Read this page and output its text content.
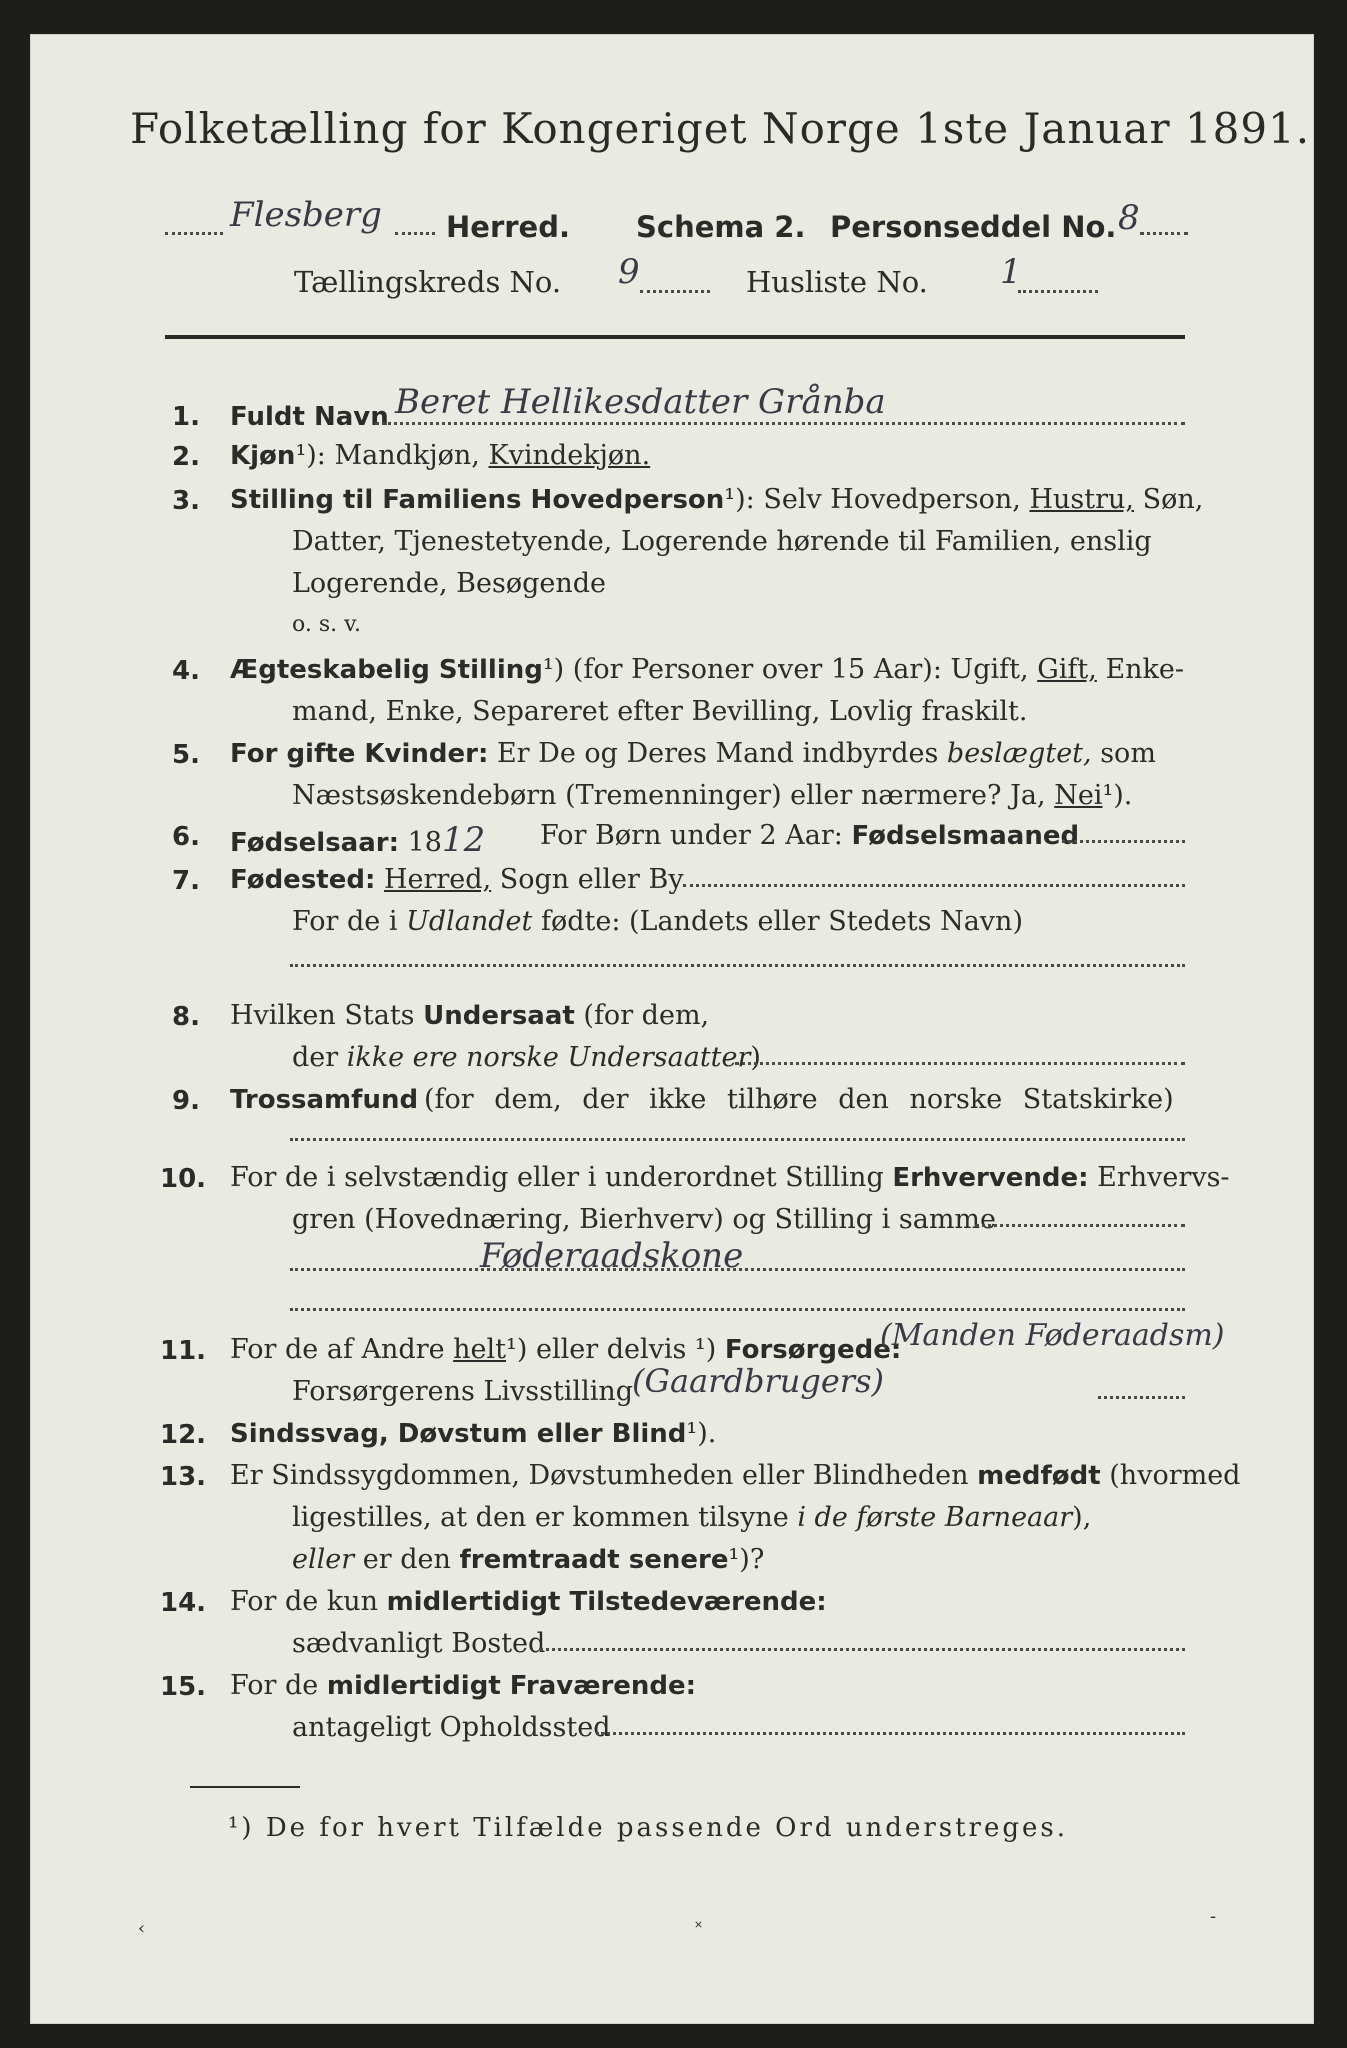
Folketælling for Kongeriget Norge 1ste Januar 1891.
Flesberg Herred. Schema 2. Personseddel No. 8
Tællingskreds No. 9	Husliste No. 1
1. Fuldt Navn Beret Hellikesdatter Grånba
2. Kjøn¹): Mandkjøn, Kvindekjøn.
3. Stilling til Familiens Hovedperson¹): Selv Hovedperson, Hustru, Søn,
Datter, Tjenestetyende, Logerende hørende til Familien, enslig
Logerende, Besøgende
o. s. v.
4. Ægteskabelig Stilling¹) (for Personer over 15 Aar): Ugift, Gift, Enke-
mand, Enke, Separeret efter Bevilling, Lovlig fraskilt.
5. For gifte Kvinder: Er De og Deres Mand indbyrdes beslægtet, som
Næstsøskendebørn (Tremenninger) eller nærmere? Ja, Nei¹).
6. Fødselsaar: 1812 For Børn under 2 Aar: Fødselsmaaned
7. Fødested: Herred, Sogn eller By
For de i Udlandet fødte: (Landets eller Stedets Navn)
8. Hvilken Stats Undersaat (for dem,
der ikke ere norske Undersaatter)
9. Trossamfund (for dem, der ikke tilhøre den norske Statskirke)
10. For de i selvstændig eller i underordnet Stilling Erhvervende: Erhvervs-
gren (Hovednæring, Bierhverv) og Stilling i samme
Føderaadskone
11. For de af Andre helt¹) eller delvis ¹) Forsørgede:
(Manden Føderaadsm)
Forsørgerens Livsstilling
(Gaardbrugers)
12. Sindssvag, Døvstum eller Blind¹).
13. Er Sindssygdommen, Døvstumheden eller Blindheden medfødt (hvormed
ligestilles, at den er kommen tilsyne i de første Barneaar),
eller er den fremtraadt senere¹)?
14. For de kun midlertidigt Tilstedeværende:
sædvanligt Bosted
15. For de midlertidigt Fraværende:
antageligt Opholdssted
¹) De for hvert Tilfælde passende Ord understreges.
‹	˟
‐
